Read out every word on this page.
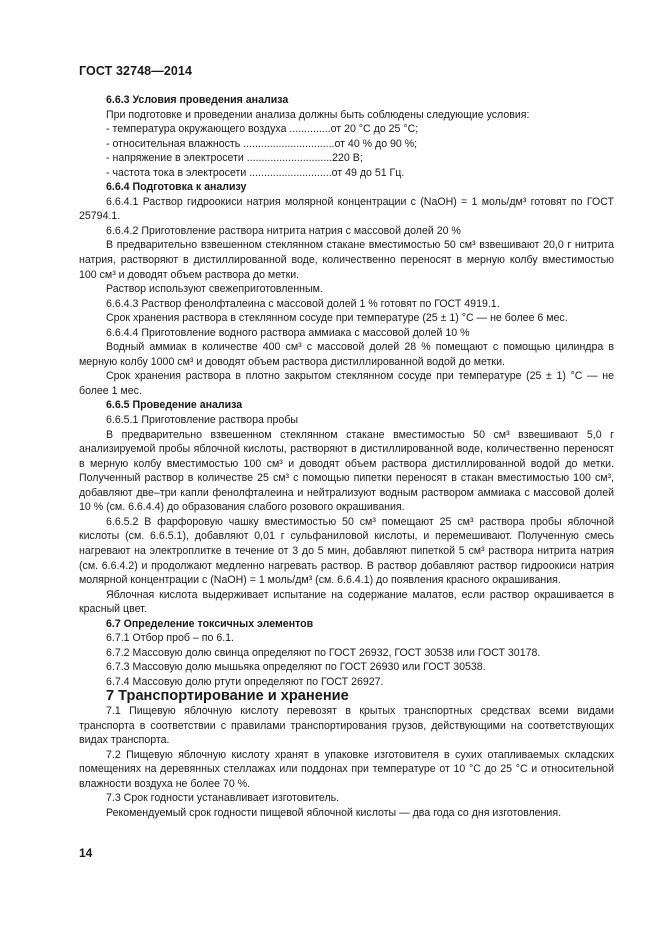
ГОСТ 32748—2014

6.6.3 Условия проведения анализа

При подготовке и проведении анализа должны быть соблюдены следующие условия:

- температура окружающего воздуха ..............от 20 °С до 25 °С;

- относительная влажность ...............................от 40 % до 90 %;

- напряжение в электросети .............................220 В;

- частота тока в электросети ............................от 49 до 51 Гц.

6.6.4 Подготовка к анализу

6.6.4.1 Раствор гидроокиси натрия молярной концентрации c (NaOH) = 1 моль/дм³ готовят по ГОСТ 25794.1.

6.6.4.2 Приготовление раствора нитрита натрия с массовой долей 20 %

В предварительно взвешенном стеклянном стакане вместимостью 50 см³ взвешивают 20,0 г нитрита натрия, растворяют в дистиллированной воде, количественно переносят в мерную колбу вместимостью 100 см³ и доводят объем раствора до метки.

Раствор используют свежеприготовленным.

6.6.4.3 Раствор фенолфталеина с массовой долей 1 % готовят по ГОСТ 4919.1.

Срок хранения раствора в стеклянном сосуде при температуре (25 ± 1) °С — не более 6 мес.

6.6.4.4 Приготовление водного раствора аммиака с массовой долей 10 %

Водный аммиак в количестве 400 см³ с массовой долей 28 % помещают с помощью цилиндра в мерную колбу 1000 см³ и доводят объем раствора дистиллированной водой до метки.

Срок хранения раствора в плотно закрытом стеклянном сосуде при температуре (25 ± 1) °С — не более 1 мес.

6.6.5 Проведение анализа

6.6.5.1 Приготовление раствора пробы

В предварительно взвешенном стеклянном стакане вместимостью 50 см³ взвешивают 5,0 г анализируемой пробы яблочной кислоты, растворяют в дистиллированной воде, количественно переносят в мерную колбу вместимостью 100 см³ и доводят объем раствора дистиллированной водой до метки. Полученный раствор в количестве 25 см³ с помощью пипетки переносят в стакан вместимостью 100 см³, добавляют две–три капли фенолфталеина и нейтрализуют водным раствором аммиака с массовой долей 10 % (см. 6.6.4.4) до образования слабого розового окрашивания.

6.6.5.2 В фарфоровую чашку вместимостью 50 см³ помещают 25 см³ раствора пробы яблочной кислоты (см. 6.6.5.1), добавляют 0,01 г сульфаниловой кислоты, и перемешивают. Полученную смесь нагревают на электроплитке в течение от 3 до 5 мин, добавляют пипеткой 5 см³ раствора нитрита натрия (см. 6.6.4.2) и продолжают медленно нагревать раствор. В раствор добавляют раствор гидроокиси натрия молярной концентрации c (NaOH) = 1 моль/дм³ (см. 6.6.4.1) до появления красного окрашивания.

Яблочная кислота выдерживает испытание на содержание малатов, если раствор окрашивается в красный цвет.

6.7 Определение токсичных элементов

6.7.1 Отбор проб – по 6.1.

6.7.2 Массовую долю свинца определяют по ГОСТ 26932, ГОСТ 30538 или ГОСТ 30178.

6.7.3 Массовую долю мышьяка определяют по ГОСТ 26930 или ГОСТ 30538.

6.7.4 Массовую долю ртути определяют по ГОСТ 26927.

7 Транспортирование и хранение

7.1 Пищевую яблочную кислоту перевозят в крытых транспортных средствах всеми видами транспорта в соответствии с правилами транспортирования грузов, действующими на соответствующих видах транспорта.

7.2 Пищевую яблочную кислоту хранят в упаковке изготовителя в сухих отапливаемых складских помещениях на деревянных стеллажах или поддонах при температуре от 10 °С до 25 °С и относительной влажности воздуха не более 70 %.

7.3 Срок годности устанавливает изготовитель.

Рекомендуемый срок годности пищевой яблочной кислоты — два года со дня изготовления.

14
